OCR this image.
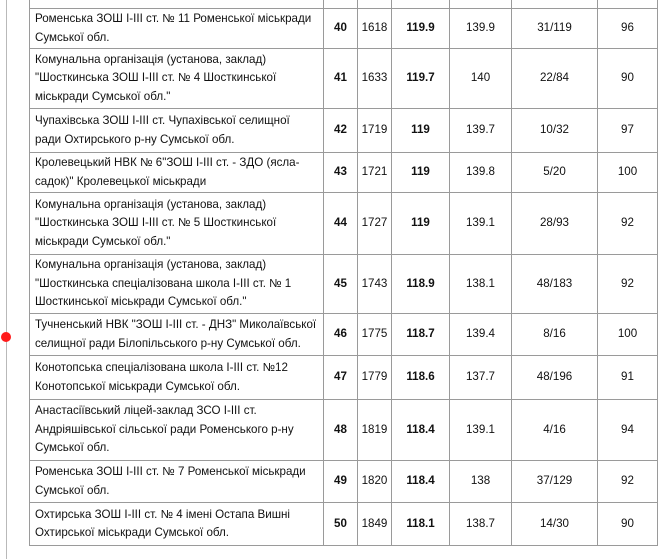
Роменська ЗОШ І-ІІІ ст. № 11 Роменської міськради Сумської обл.	40	1618	119.9	139.9	31/119	96
Комунальна організація (установа, заклад) "Шосткинська ЗОШ І-ІІІ ст. № 4 Шосткинської міськради Сумської обл."	41	1633	119.7	140	22/84	90
Чупахівська ЗОШ І-ІІІ ст. Чупахівської селищної ради Охтирського р-ну Сумської обл.	42	1719	119	139.7	10/32	97
Кролевецький НВК № 6"ЗОШ І-ІІІ ст. - ЗДО (ясла-садок)" Кролевецької міськради	43	1721	119	139.8	5/20	100
Комунальна організація (установа, заклад) "Шосткинська ЗОШ І-ІІІ ст. № 5 Шосткинської міськради Сумської обл."	44	1727	119	139.1	28/93	92
Комунальна організація (установа, заклад) "Шосткинська спеціалізована школа І-ІІІ ст. № 1 Шосткинської міськради Сумської обл."	45	1743	118.9	138.1	48/183	92
Тучненський НВК "ЗОШ І-ІІІ ст. - ДНЗ" Миколаївської селищної ради Білопільського р-ну Сумської обл.	46	1775	118.7	139.4	8/16	100
Конотопська спеціалізована школа І-ІІІ ст. №12 Конотопської міськради Сумської обл.	47	1779	118.6	137.7	48/196	91
Анастасіївський ліцей-заклад ЗСО І-ІІІ ст. Андріяшівської сільської ради Роменського р-ну Сумської обл.	48	1819	118.4	139.1	4/16	94
Роменська ЗОШ І-ІІІ ст. № 7 Роменської міськради Сумської обл.	49	1820	118.4	138	37/129	92
Охтирська ЗОШ І-ІІІ ст. № 4 імені Остапа Вишні Охтирської міськради Сумської обл.	50	1849	118.1	138.7	14/30	90
